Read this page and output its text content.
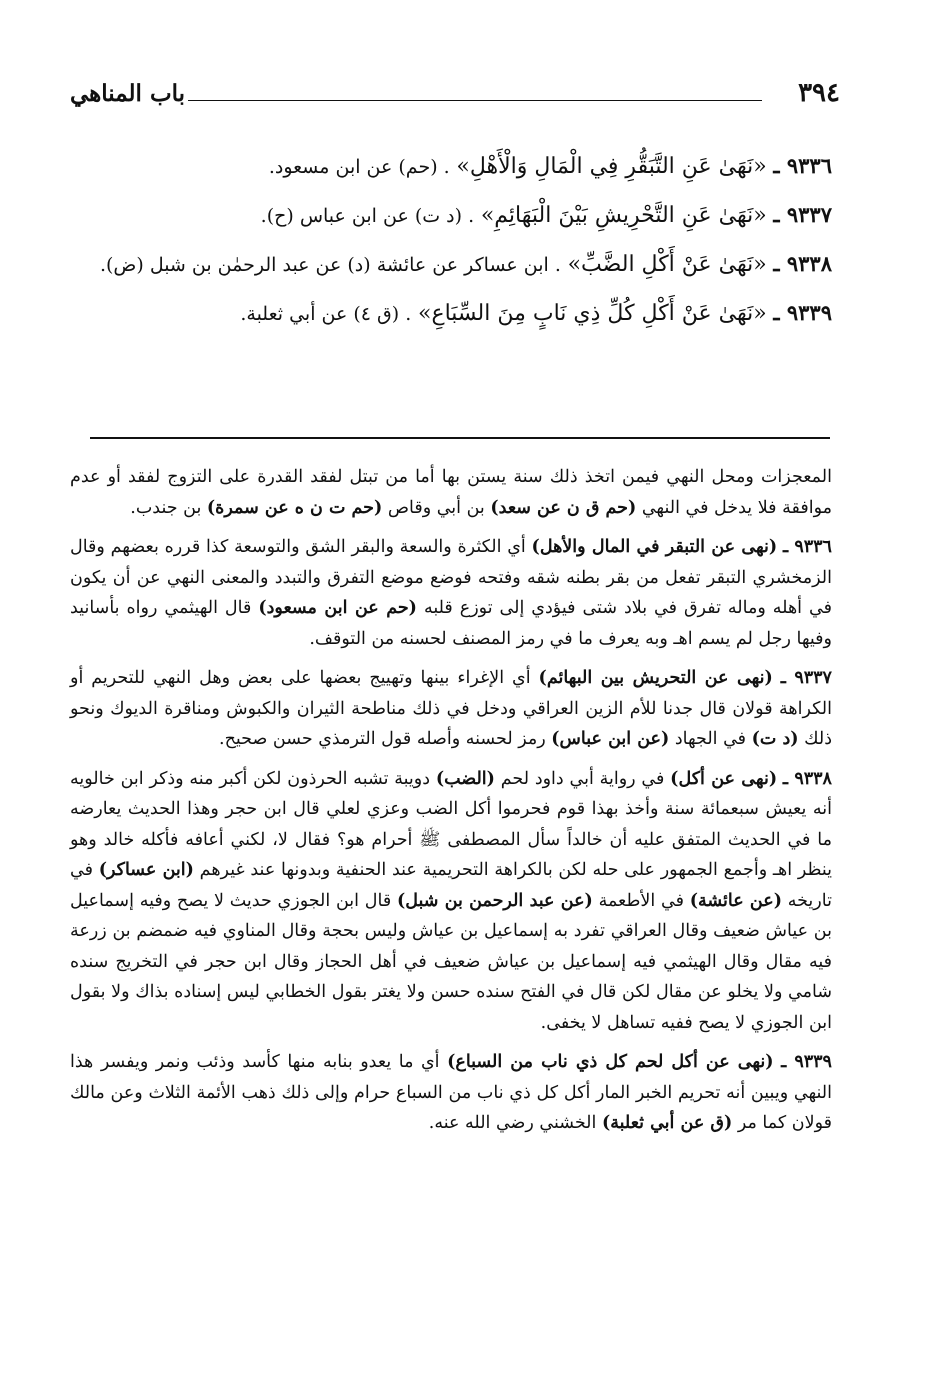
٣٩٤
باب المناهي

٩٣٣٦ ـ «نَهَىٰ عَنِ التَّبَقُّرِ فِي الْمَالِ وَالْأَهْلِ» . (حم) عن ابن مسعود.

٩٣٣٧ ـ «نَهَىٰ عَنِ التَّحْرِيشِ بَيْنَ الْبَهَائِمِ» . (د ت) عن ابن عباس (ح).

٩٣٣٨ ـ «نَهَىٰ عَنْ أَكْلِ الضَّبِّ» . ابن عساكر عن عائشة (د) عن عبد الرحمٰن بن شبل (ض).

٩٣٣٩ ـ «نَهَىٰ عَنْ أَكْلِ كُلِّ ذِي نَابٍ مِنَ السِّبَاعِ» . (ق ٤) عن أبي ثعلبة.

المعجزات ومحل النهي فيمن اتخذ ذلك سنة يستن بها أما من تبتل لفقد القدرة على التزوج لفقد أو عدم موافقة فلا يدخل في النهي (حم ق ن عن سعد) بن أبي وقاص (حم ت ن ه عن سمرة) بن جندب.

٩٣٣٦ ـ (نهى عن التبقر في المال والأهل) أي الكثرة والسعة والبقر الشق والتوسعة كذا قرره بعضهم وقال الزمخشري التبقر تفعل من بقر بطنه شقه وفتحه فوضع موضع التفرق والتبدد والمعنى النهي عن أن يكون في أهله وماله تفرق في بلاد شتى فيؤدي إلى توزع قلبه (حم عن ابن مسعود) قال الهيثمي رواه بأسانيد وفيها رجل لم يسم اهـ وبه يعرف ما في رمز المصنف لحسنه من التوقف.

٩٣٣٧ ـ (نهى عن التحريش بين البهائم) أي الإغراء بينها وتهييج بعضها على بعض وهل النهي للتحريم أو الكراهة قولان قال جدنا للأم الزين العراقي ودخل في ذلك مناطحة الثيران والكبوش ومناقرة الديوك ونحو ذلك (د ت) في الجهاد (عن ابن عباس) رمز لحسنه وأصله قول الترمذي حسن صحيح.

٩٣٣٨ ـ (نهى عن أكل) في رواية أبي داود لحم (الضب) دويبة تشبه الحرذون لكن أكبر منه وذكر ابن خالويه أنه يعيش سبعمائة سنة وأخذ بهذا قوم فحرموا أكل الضب وعزي لعلي قال ابن حجر وهذا الحديث يعارضه ما في الحديث المتفق عليه أن خالداً سأل المصطفى ﷺ أحرام هو؟ فقال لا، لكني أعافه فأكله خالد وهو ينظر اهـ وأجمع الجمهور على حله لكن بالكراهة التحريمية عند الحنفية وبدونها عند غيرهم (ابن عساكر) في تاريخه (عن عائشة) في الأطعمة (عن عبد الرحمن بن شبل) قال ابن الجوزي حديث لا يصح وفيه إسماعيل بن عياش ضعيف وقال العراقي تفرد به إسماعيل بن عياش وليس بحجة وقال المناوي فيه ضمضم بن زرعة فيه مقال وقال الهيثمي فيه إسماعيل بن عياش ضعيف في أهل الحجاز وقال ابن حجر في التخريج سنده شامي ولا يخلو عن مقال لكن قال في الفتح سنده حسن ولا يغتر بقول الخطابي ليس إسناده بذاك ولا بقول ابن الجوزي لا يصح ففيه تساهل لا يخفى.

٩٣٣٩ ـ (نهى عن أكل لحم كل ذي ناب من السباع) أي ما يعدو بنابه منها كأسد وذئب ونمر ويفسر هذا النهي ويبين أنه تحريم الخبر المار أكل كل ذي ناب من السباع حرام وإلى ذلك ذهب الأئمة الثلاث وعن مالك قولان كما مر (ق عن أبي ثعلبة) الخشني رضي الله عنه.
